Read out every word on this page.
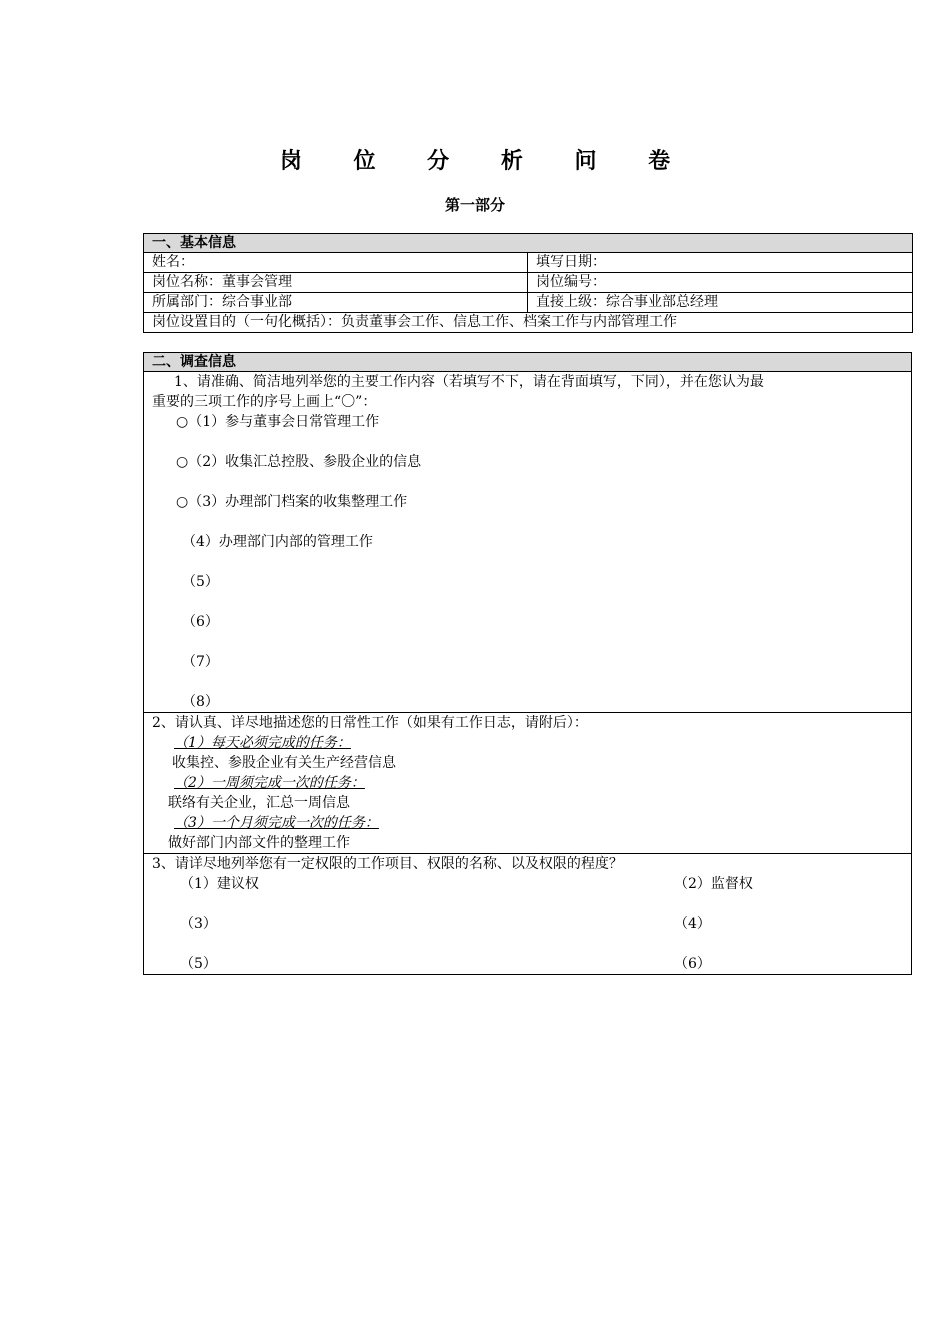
岗 位 分 析 问 卷
第一部分
一、基本信息	
姓名：	填写日期：
岗位名称：董事会管理	岗位编号：
所属部门：综合事业部	直接上级：综合事业部总经理
岗位设置目的（一句化概括）：负责董事会工作、信息工作、档案工作与内部管理工作	
二、调查信息

1、请准确、简洁地列举您的主要工作内容（若填写不下，请在背面填写，下同），并在您认为最
重要的三项工作的序号上画上“〇”：
○（1）参与董事会日常管理工作
○（2）收集汇总控股、参股企业的信息
○（3）办理部门档案的收集整理工作
（4）办理部门内部的管理工作
（5）
（6）
（7）
（8）

2、请认真、详尽地描述您的日常性工作（如果有工作日志，请附后）：
（1）每天必须完成的任务：
收集控、参股企业有关生产经营信息
（2）一周须完成一次的任务：
联络有关企业，汇总一周信息
（3）一个月须完成一次的任务：
做好部门内部文件的整理工作

3、请详尽地列举您有一定权限的工作项目、权限的名称、以及权限的程度？
（1）建议权	（2）监督权
（3）	（4）
（5）	（6）
